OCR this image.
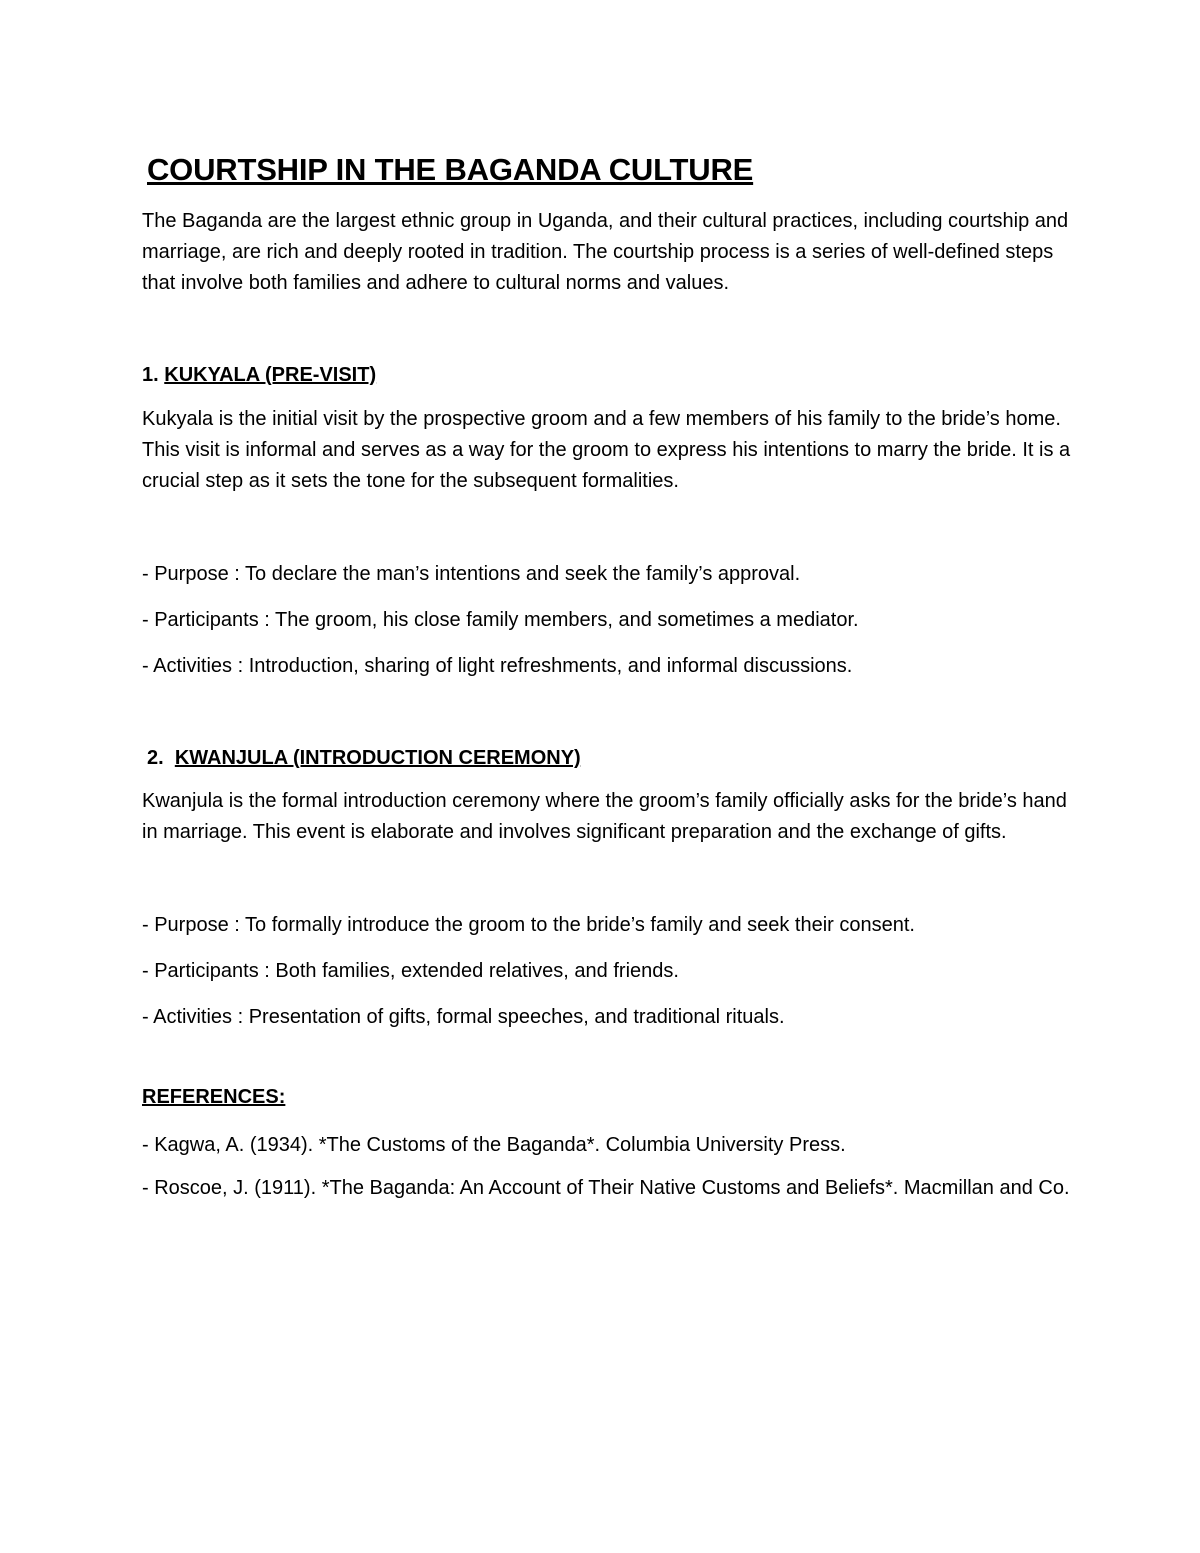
COURTSHIP IN THE BAGANDA CULTURE

The Baganda are the largest ethnic group in Uganda, and their cultural practices, including courtship and marriage, are rich and deeply rooted in tradition. The courtship process is a series of well-defined steps that involve both families and adhere to cultural norms and values.

1. KUKYALA (PRE-VISIT)

Kukyala is the initial visit by the prospective groom and a few members of his family to the bride’s home. This visit is informal and serves as a way for the groom to express his intentions to marry the bride. It is a crucial step as it sets the tone for the subsequent formalities.

- Purpose : To declare the man’s intentions and seek the family’s approval.

- Participants : The groom, his close family members, and sometimes a mediator.

- Activities : Introduction, sharing of light refreshments, and informal discussions.

2. KWANJULA (INTRODUCTION CEREMONY)

Kwanjula is the formal introduction ceremony where the groom’s family officially asks for the bride’s hand in marriage. This event is elaborate and involves significant preparation and the exchange of gifts.

- Purpose : To formally introduce the groom to the bride’s family and seek their consent.

- Participants : Both families, extended relatives, and friends.

- Activities : Presentation of gifts, formal speeches, and traditional rituals.

REFERENCES:

- Kagwa, A. (1934). *The Customs of the Baganda*. Columbia University Press.

- Roscoe, J. (1911). *The Baganda: An Account of Their Native Customs and Beliefs*. Macmillan and Co.
